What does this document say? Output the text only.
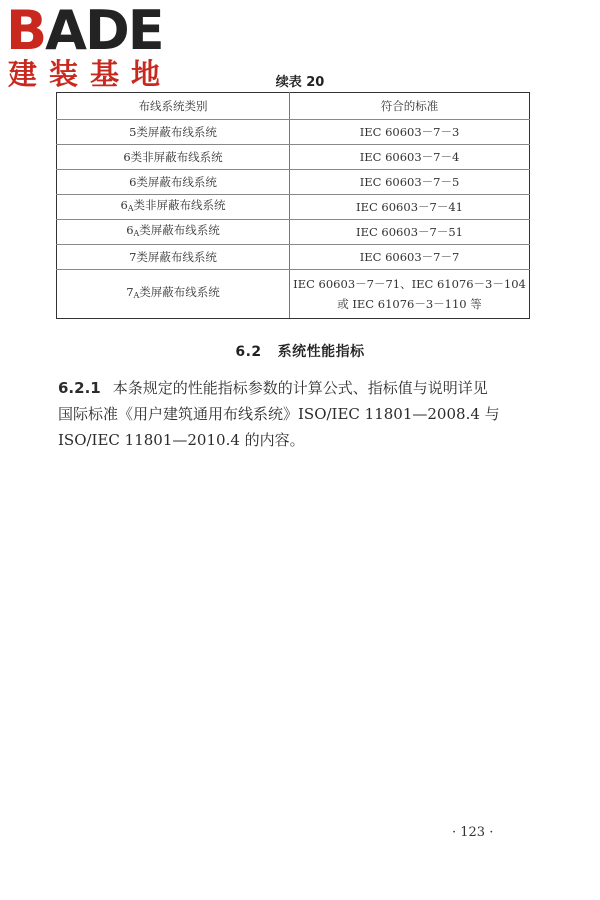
BADE
建装基地	续表 20
布线系统类别	符合的标准
5类屏蔽布线系统	IEC 60603－7－3
6类非屏蔽布线系统	IEC 60603－7－4
6类屏蔽布线系统	IEC 60603－7－5
$6_A$类非屏蔽布线系统	IEC 60603－7－41
$6_A$类屏蔽布线系统	IEC 60603－7－51
7类屏蔽布线系统	IEC 60603－7－7
$7_A$类屏蔽布线系统	IEC 60603－7－71、IEC 61076－3－104
或 IEC 61076－3－110 等
6.2 系统性能指标

6.2.1 本条规定的性能指标参数的计算公式、指标值与说明详见
国际标准《用户建筑通用布线系统》ISO/IEC 11801—2008.4 与
ISO/IEC 11801—2010.4 的内容。

· 123 ·
